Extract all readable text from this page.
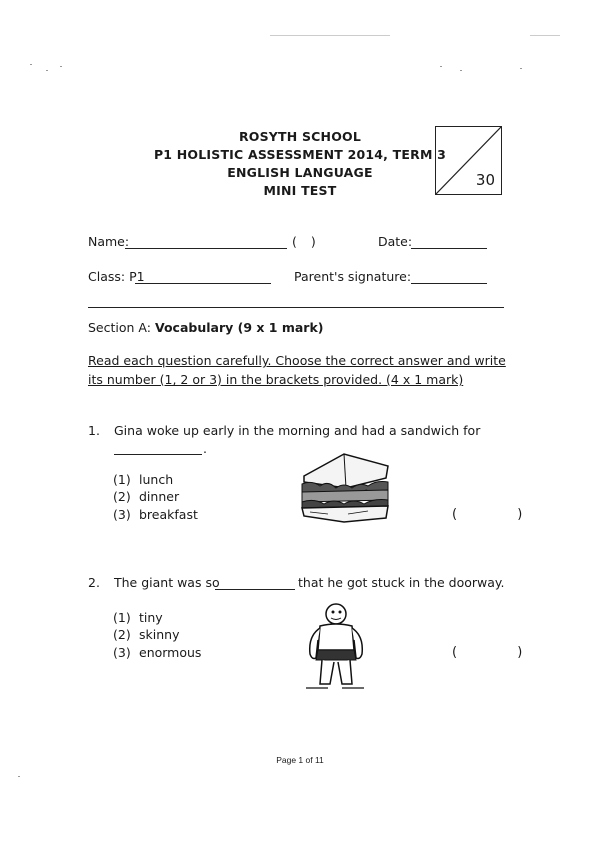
ROSYTH SCHOOL
P1 HOLISTIC ASSESSMENT 2014, TERM 3
ENGLISH LANGUAGE
MINI TEST
30
Name:	( )	Date:
Class: P1	Parent's signature:
Section A: Vocabulary (9 x 1 mark)
Read each question carefully. Choose the correct answer and write
its number (1, 2 or 3) in the brackets provided. (4 x 1 mark)
1. Gina woke up early in the morning and had a sandwich for
.
(1) lunch
(2) dinner
(3) breakfast	( )
2. The giant was so	that he got stuck in the doorway.
(1) tiny
(2) skinny
(3) enormous	( )
Page 1 of 11
